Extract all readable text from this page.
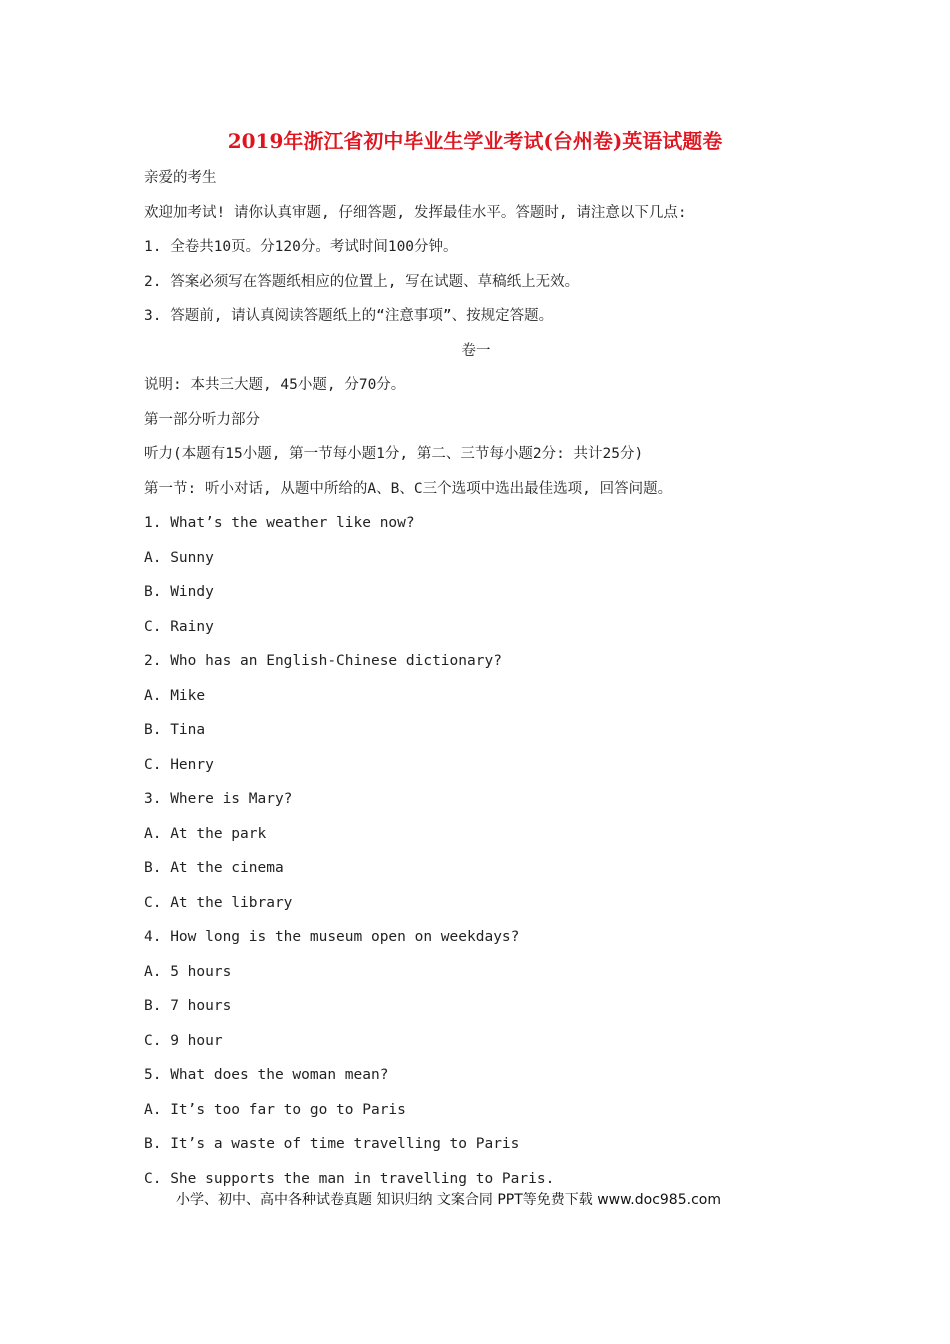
2019年浙江省初中毕业生学业考试(台州卷)英语试题卷
亲爱的考生
欢迎加考试! 请你认真审题, 仔细答题, 发挥最佳水平。答题时, 请注意以下几点:
1. 全卷共10页。分120分。考试时间100分钟。
2. 答案必须写在答题纸相应的位置上, 写在试题、草稿纸上无效。
3. 答题前, 请认真阅读答题纸上的“注意事项”、按规定答题。
卷一
说明: 本共三大题, 45小题, 分70分。
第一部分听力部分
听力(本题有15小题, 第一节每小题1分, 第二、三节每小题2分: 共计25分)
第一节: 听小对话, 从题中所给的A、B、C三个选项中选出最佳选项, 回答问题。
1. What’s the weather like now?
A. Sunny
B. Windy
C. Rainy
2. Who has an English-Chinese dictionary?
A. Mike
B. Tina
C. Henry
3. Where is Mary?
A. At the park
B. At the cinema
C. At the library
4. How long is the museum open on weekdays?
A. 5 hours
B. 7 hours
C. 9 hour
5. What does the woman mean?
A. It’s too far to go to Paris
B. It’s a waste of time travelling to Paris
C. She supports the man in travelling to Paris.
小学、初中、高中各种试卷真题 知识归纳 文案合同 PPT等免费下载 www.doc985.com
